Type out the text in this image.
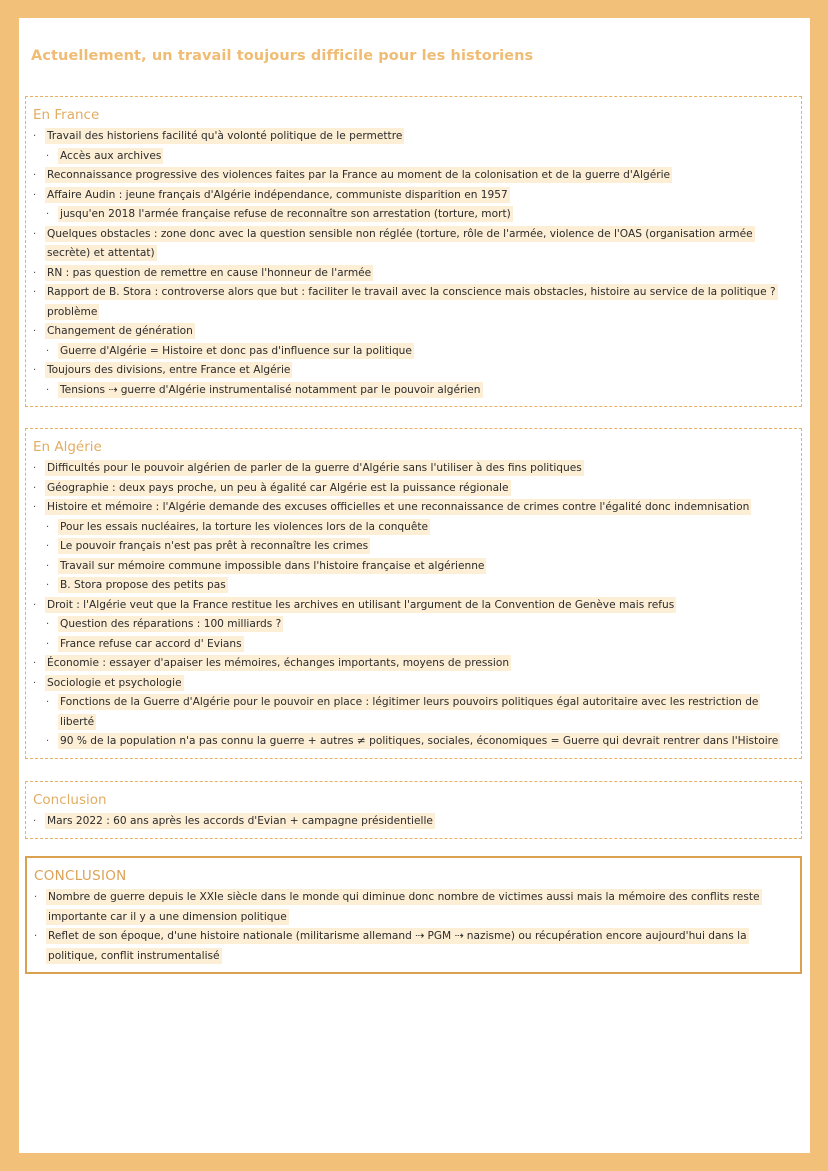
Actuellement, un travail toujours difficile pour les historiens
En France
· Travail des historiens facilité qu'à volonté politique de le permettre
· Accès aux archives
· Reconnaissance progressive des violences faites par la France au moment de la colonisation et de la guerre d'Algérie
· Affaire Audin : jeune français d'Algérie indépendance, communiste disparition en 1957
· jusqu'en 2018 l'armée française refuse de reconnaître son arrestation (torture, mort)
· Quelques obstacles : zone donc avec la question sensible non réglée (torture, rôle de l'armée, violence de l'OAS (organisation armée secrète) et attentat)
· RN : pas question de remettre en cause l'honneur de l'armée
· Rapport de B. Stora : controverse alors que but : faciliter le travail avec la conscience mais obstacles, histoire au service de la politique ? problème
· Changement de génération
· Guerre d'Algérie = Histoire et donc pas d'influence sur la politique
· Toujours des divisions, entre France et Algérie
· Tensions ⇢ guerre d'Algérie instrumentalisé notamment par le pouvoir algérien
En Algérie
· Difficultés pour le pouvoir algérien de parler de la guerre d'Algérie sans l'utiliser à des fins politiques
· Géographie : deux pays proche, un peu à égalité car Algérie est la puissance régionale
· Histoire et mémoire : l'Algérie demande des excuses officielles et une reconnaissance de crimes contre l'égalité donc indemnisation
· Pour les essais nucléaires, la torture les violences lors de la conquête
· Le pouvoir français n'est pas prêt à reconnaître les crimes
· Travail sur mémoire commune impossible dans l'histoire française et algérienne
· B. Stora propose des petits pas
· Droit : l'Algérie veut que la France restitue les archives en utilisant l'argument de la Convention de Genève mais refus
· Question des réparations : 100 milliards ?
· France refuse car accord d' Evians
· Économie : essayer d'apaiser les mémoires, échanges importants, moyens de pression
· Sociologie et psychologie
· Fonctions de la Guerre d'Algérie pour le pouvoir en place : légitimer leurs pouvoirs politiques égal autoritaire avec les restriction de liberté
· 90 % de la population n'a pas connu la guerre + autres ≠ politiques, sociales, économiques = Guerre qui devrait rentrer dans l'Histoire
Conclusion
· Mars 2022 : 60 ans après les accords d'Evian + campagne présidentielle
CONCLUSION
· Nombre de guerre depuis le XXIe siècle dans le monde qui diminue donc nombre de victimes aussi mais la mémoire des conflits reste importante car il y a une dimension politique
· Reflet de son époque, d'une histoire nationale (militarisme allemand ⇢ PGM ⇢ nazisme) ou récupération encore aujourd'hui dans la politique, conflit instrumentalisé
